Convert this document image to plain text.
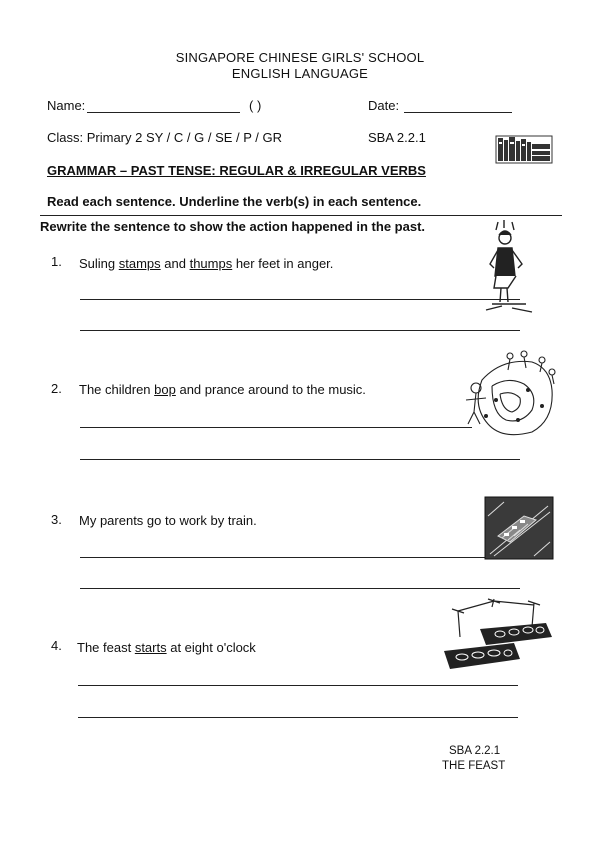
SINGAPORE CHINESE GIRLS' SCHOOL
ENGLISH LANGUAGE
Name:	( )	Date:
Class: Primary 2 SY / C / G / SE / P / GR	SBA 2.2.1
GRAMMAR – PAST TENSE: REGULAR & IRREGULAR VERBS
Read each sentence. Underline the verb(s) in each sentence.
Rewrite the sentence to show the action happened in the past.
1. Suling stamps and thumps her feet in anger.
2. The children bop and prance around to the music.
3. My parents go to work by train.
4. The feast starts at eight o'clock
SBA 2.2.1
THE FEAST
